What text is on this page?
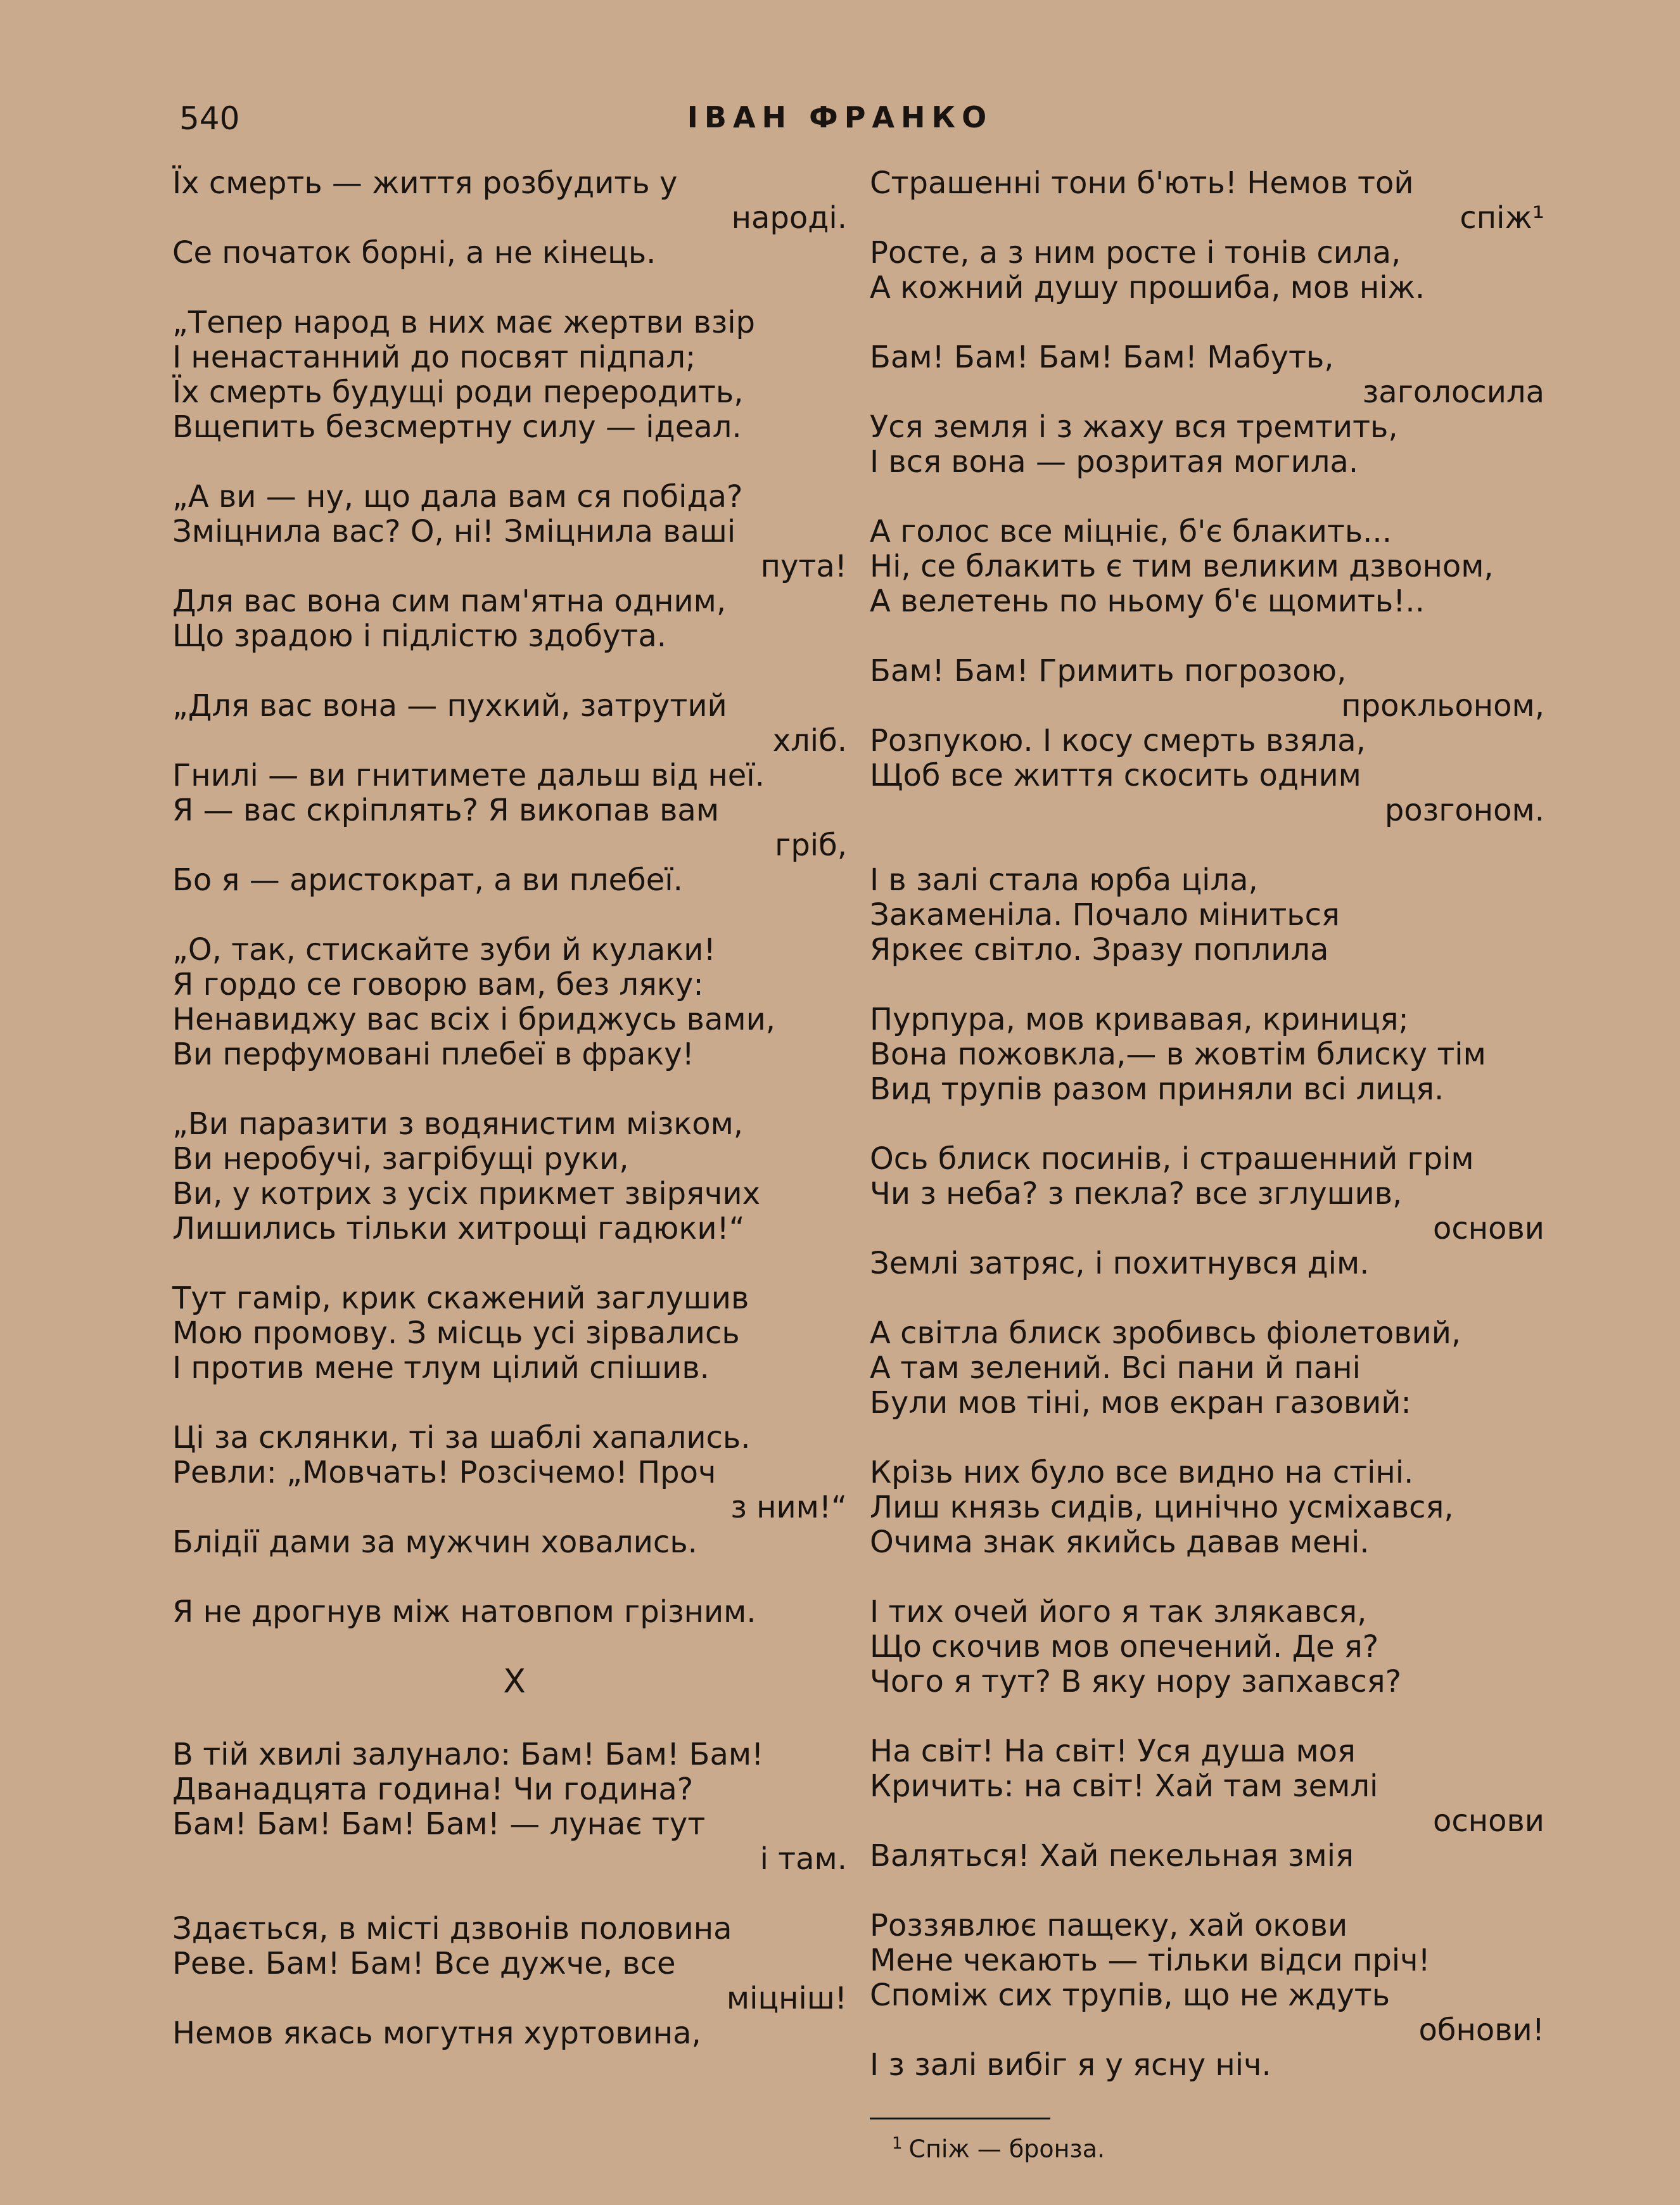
540	ІВАН ФРАНКО
Їх смерть — життя розбудить у
народі.
Се початок борні, а не кінець.
„Тепер народ в них має жертви взір
І ненастанний до посвят підпал;
Їх смерть будущі роди переродить,
Вщепить безсмертну силу — ідеал.
„А ви — ну, що дала вам ся побіда?
Зміцнила вас? О, ні! Зміцнила ваші
пута!
Для вас вона сим пам'ятна одним,
Що зрадою і підлістю здобута.
„Для вас вона — пухкий, затрутий
хліб.
Гнилі — ви гнитимете дальш від неї.
Я — вас скріплять? Я викопав вам
гріб,
Бо я — аристократ, а ви плебеї.
„О, так, стискайте зуби й кулаки!
Я гордо се говорю вам, без ляку:
Ненавиджу вас всіх і бриджусь вами,
Ви перфумовані плебеї в фраку!
„Ви паразити з водянистим мізком,
Ви неробучі, загрібущі руки,
Ви, у котрих з усіх прикмет звірячих
Лишились тільки хитрощі гадюки!“
Тут гамір, крик скажений заглушив
Мою промову. З місць усі зірвались
І против мене тлум цілий спішив.
Ці за склянки, ті за шаблі хапались.
Ревли: „Мовчать! Розсічемо! Проч
з ним!“
Блідії дами за мужчин ховались.
Я не дрогнув між натовпом грізним.
X
В тій хвилі залунало: Бам! Бам! Бам!
Дванадцята година! Чи година?
Бам! Бам! Бам! Бам! — лунає тут
і там.
Здається, в місті дзвонів половина
Реве. Бам! Бам! Все дужче, все
міцніш!
Немов якась могутня хуртовина,
Страшенні тони б'ють! Немов той
спіж¹
Росте, а з ним росте і тонів сила,
А кожний душу прошиба, мов ніж.
Бам! Бам! Бам! Бам! Мабуть,
заголосила
Уся земля і з жаху вся тремтить,
І вся вона — розритая могила.
А голос все міцніє, б'є блакить...
Ні, се блакить є тим великим дзвоном,
А велетень по ньому б'є щомить!..
Бам! Бам! Гримить погрозою,
прокльоном,
Розпукою. І косу смерть взяла,
Щоб все життя скосить одним
розгоном.
І в залі стала юрба ціла,
Закаменіла. Почало міниться
Яркеє світло. Зразу поплила
Пурпура, мов кривавая, криниця;
Вона пожовкла,— в жовтім блиску тім
Вид трупів разом приняли всі лиця.
Ось блиск посинів, і страшенний грім
Чи з неба? з пекла? все зглушив,
основи
Землі затряс, і похитнувся дім.
А світла блиск зробивсь фіолетовий,
А там зелений. Всі пани й пані
Були мов тіні, мов екран газовий:
Крізь них було все видно на стіні.
Лиш князь сидів, цинічно усміхався,
Очима знак якийсь давав мені.
І тих очей його я так злякався,
Що скочив мов опечений. Де я?
Чого я тут? В яку нору запхався?
На світ! На світ! Уся душа моя
Кричить: на світ! Хай там землі
основи
Валяться! Хай пекельная змія
Роззявлює пащеку, хай окови
Мене чекають — тільки відси пріч!
Споміж сих трупів, що не ждуть
обнови!
І з залі вибіг я у ясну ніч.
$^1$ Спіж — бронза.
